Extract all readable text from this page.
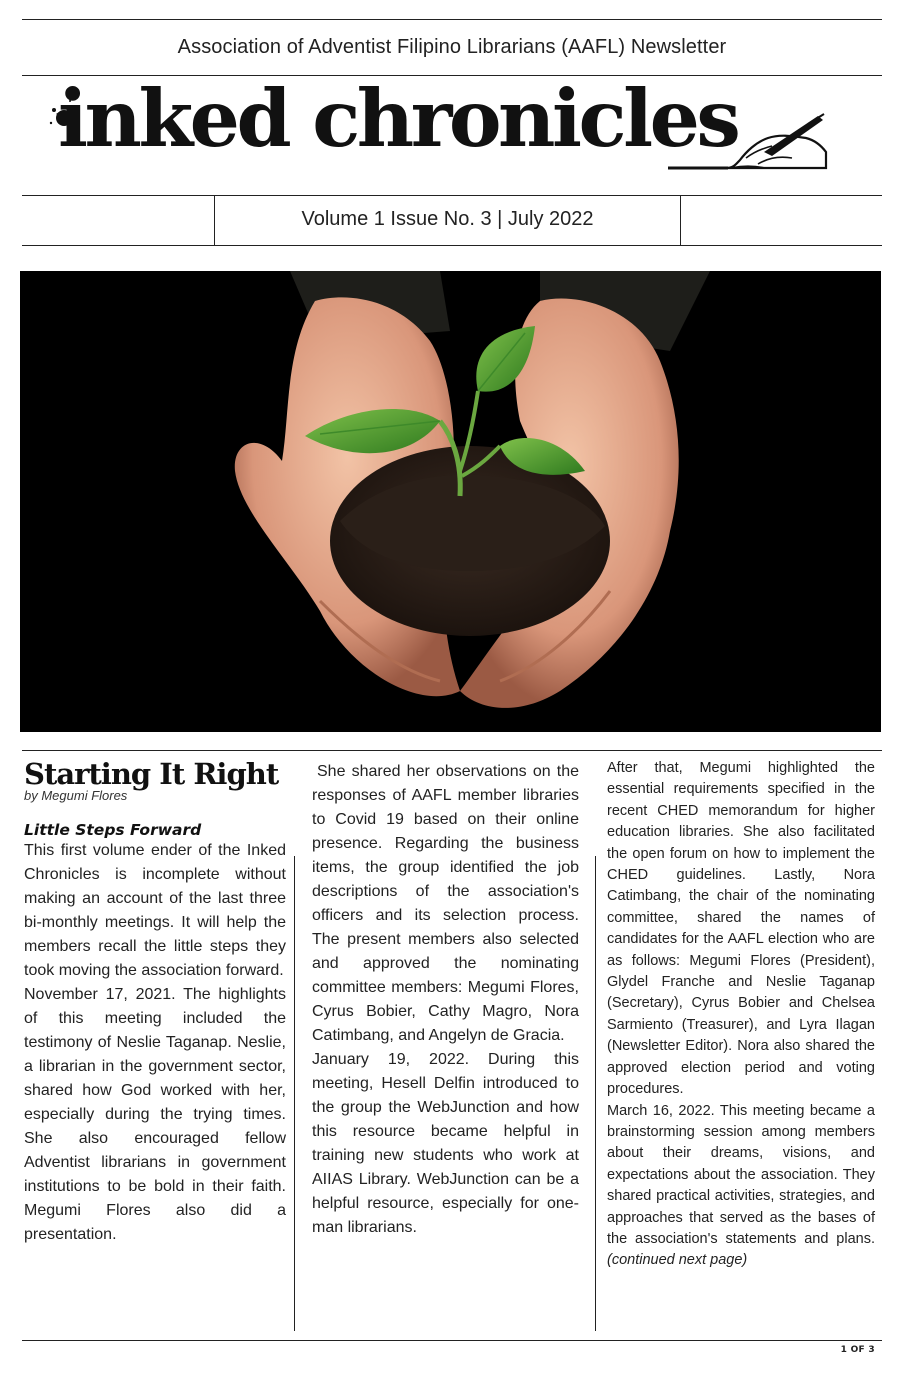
Association of Adventist Filipino Librarians (AAFL) Newsletter
inked chronicles
Volume 1 Issue No. 3 | July 2022
Starting It Right
by Megumi Flores
Little Steps Forward

This first volume ender of the Inked Chronicles is incomplete without making an account of the last three bi-monthly meetings. It will help the members recall the little steps they took moving the association forward.

November 17, 2021. The highlights of this meeting included the testimony of Neslie Taganap. Neslie, a librarian in the government sector, shared how God worked with her, especially during the trying times. She also encouraged fellow Adventist librarians in government institutions to be bold in their faith. Megumi Flores also did a presentation.

She shared her observations on the responses of AAFL member libraries to Covid 19 based on their online presence. Regarding the business items, the group identified the job descriptions of the association's officers and its selection process. The present members also selected and approved the nominating committee members: Megumi Flores, Cyrus Bobier, Cathy Magro, Nora Catimbang, and Angelyn de Gracia.

January 19, 2022. During this meeting, Hesell Delfin introduced to the group the WebJunction and how this resource became helpful in training new students who work at AIIAS Library. WebJunction can be a helpful resource, especially for one-man librarians.

After that, Megumi highlighted the essential requirements specified in the recent CHED memorandum for higher education libraries. She also facilitated the open forum on how to implement the CHED guidelines. Lastly, Nora Catimbang, the chair of the nominating committee, shared the names of candidates for the AAFL election who are as follows: Megumi Flores (President), Glydel Franche and Neslie Taganap (Secretary), Cyrus Bobier and Chelsea Sarmiento (Treasurer), and Lyra Ilagan (Newsletter Editor). Nora also shared the approved election period and voting procedures.

March 16, 2022. This meeting became a brainstorming session among members about their dreams, visions, and expectations about the association. They shared practical activities, strategies, and approaches that served as the bases of the association's statements and plans. (continued next page)

1 OF 3
